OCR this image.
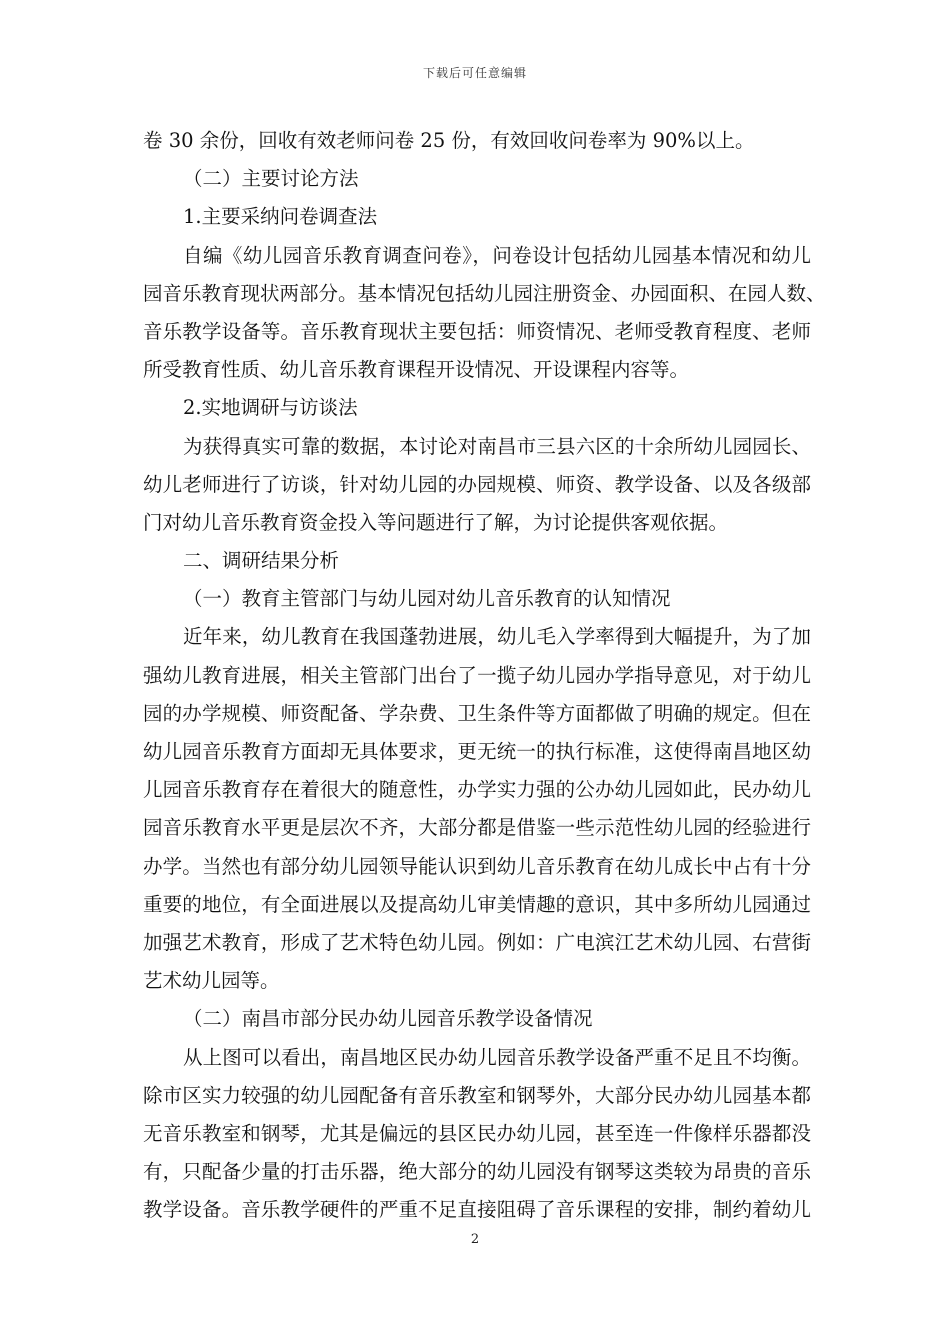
下载后可任意编辑
卷 30 余份，回收有效老师问卷 25 份，有效回收问卷率为 90%以上。
（二）主要讨论方法
1.主要采纳问卷调查法
自编《幼儿园音乐教育调查问卷》，问卷设计包括幼儿园基本情况和幼儿
园音乐教育现状两部分。基本情况包括幼儿园注册资金、办园面积、在园人数、
音乐教学设备等。音乐教育现状主要包括：师资情况、老师受教育程度、老师
所受教育性质、幼儿音乐教育课程开设情况、开设课程内容等。
2.实地调研与访谈法
为获得真实可靠的数据，本讨论对南昌市三县六区的十余所幼儿园园长、
幼儿老师进行了访谈，针对幼儿园的办园规模、师资、教学设备、以及各级部
门对幼儿音乐教育资金投入等问题进行了解，为讨论提供客观依据。
二、调研结果分析
（一）教育主管部门与幼儿园对幼儿音乐教育的认知情况
近年来，幼儿教育在我国蓬勃进展，幼儿毛入学率得到大幅提升，为了加
强幼儿教育进展，相关主管部门出台了一揽子幼儿园办学指导意见，对于幼儿
园的办学规模、师资配备、学杂费、卫生条件等方面都做了明确的规定。但在
幼儿园音乐教育方面却无具体要求，更无统一的执行标准，这使得南昌地区幼
儿园音乐教育存在着很大的随意性，办学实力强的公办幼儿园如此，民办幼儿
园音乐教育水平更是层次不齐，大部分都是借鉴一些示范性幼儿园的经验进行
办学。当然也有部分幼儿园领导能认识到幼儿音乐教育在幼儿成长中占有十分
重要的地位，有全面进展以及提高幼儿审美情趣的意识，其中多所幼儿园通过
加强艺术教育，形成了艺术特色幼儿园。例如：广电滨江艺术幼儿园、右营街
艺术幼儿园等。
（二）南昌市部分民办幼儿园音乐教学设备情况
从上图可以看出，南昌地区民办幼儿园音乐教学设备严重不足且不均衡。
除市区实力较强的幼儿园配备有音乐教室和钢琴外，大部分民办幼儿园基本都
无音乐教室和钢琴，尤其是偏远的县区民办幼儿园，甚至连一件像样乐器都没
有，只配备少量的打击乐器，绝大部分的幼儿园没有钢琴这类较为昂贵的音乐
教学设备。音乐教学硬件的严重不足直接阻碍了音乐课程的安排，制约着幼儿
2
